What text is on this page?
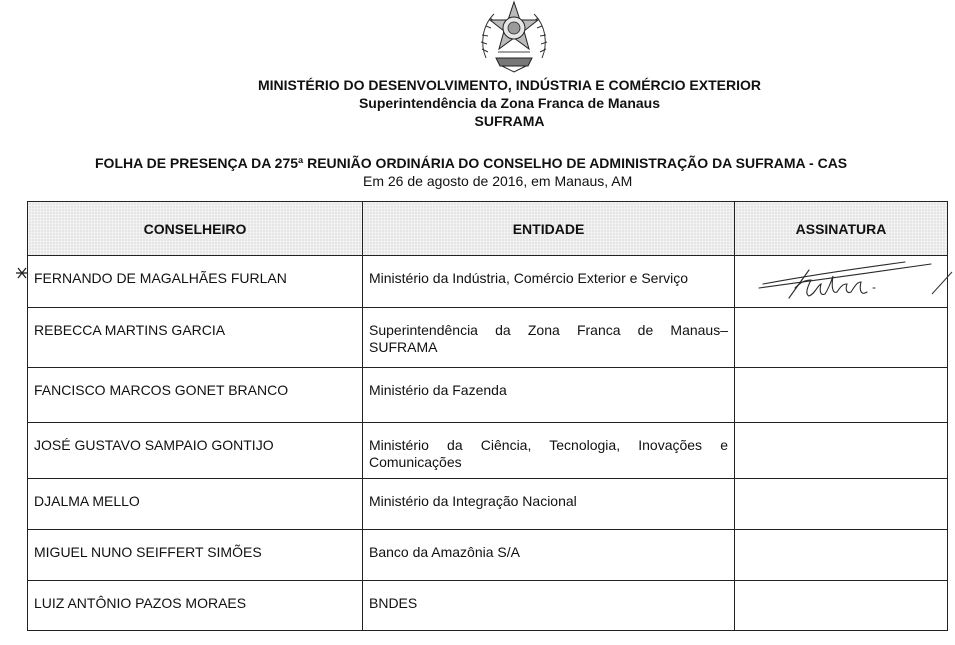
MINISTÉRIO DO DESENVOLVIMENTO, INDÚSTRIA E COMÉRCIO EXTERIOR

Superintendência da Zona Franca de Manaus

SUFRAMA

FOLHA DE PRESENÇA DA 275ª REUNIÃO ORDINÁRIA DO CONSELHO DE ADMINISTRAÇÃO DA SUFRAMA - CAS

Em 26 de agosto de 2016, em Manaus, AM
CONSELHEIRO	ENTIDADE	ASSINATURA
FERNANDO DE MAGALHÃES FURLAN	Ministério da Indústria, Comércio Exterior e Serviço	

REBECCA MARTINS GARCIA	Superintendência da Zona Franca de Manaus–SUFRAMA	
FANCISCO MARCOS GONET BRANCO	Ministério da Fazenda	
JOSÉ GUSTAVO SAMPAIO GONTIJO	Ministério da Ciência, Tecnologia, Inovações e Comunicações	
DJALMA MELLO	Ministério da Integração Nacional	
MIGUEL NUNO SEIFFERT SIMÕES	Banco da Amazônia S/A	
LUIZ ANTÔNIO PAZOS MORAES	BNDES	
